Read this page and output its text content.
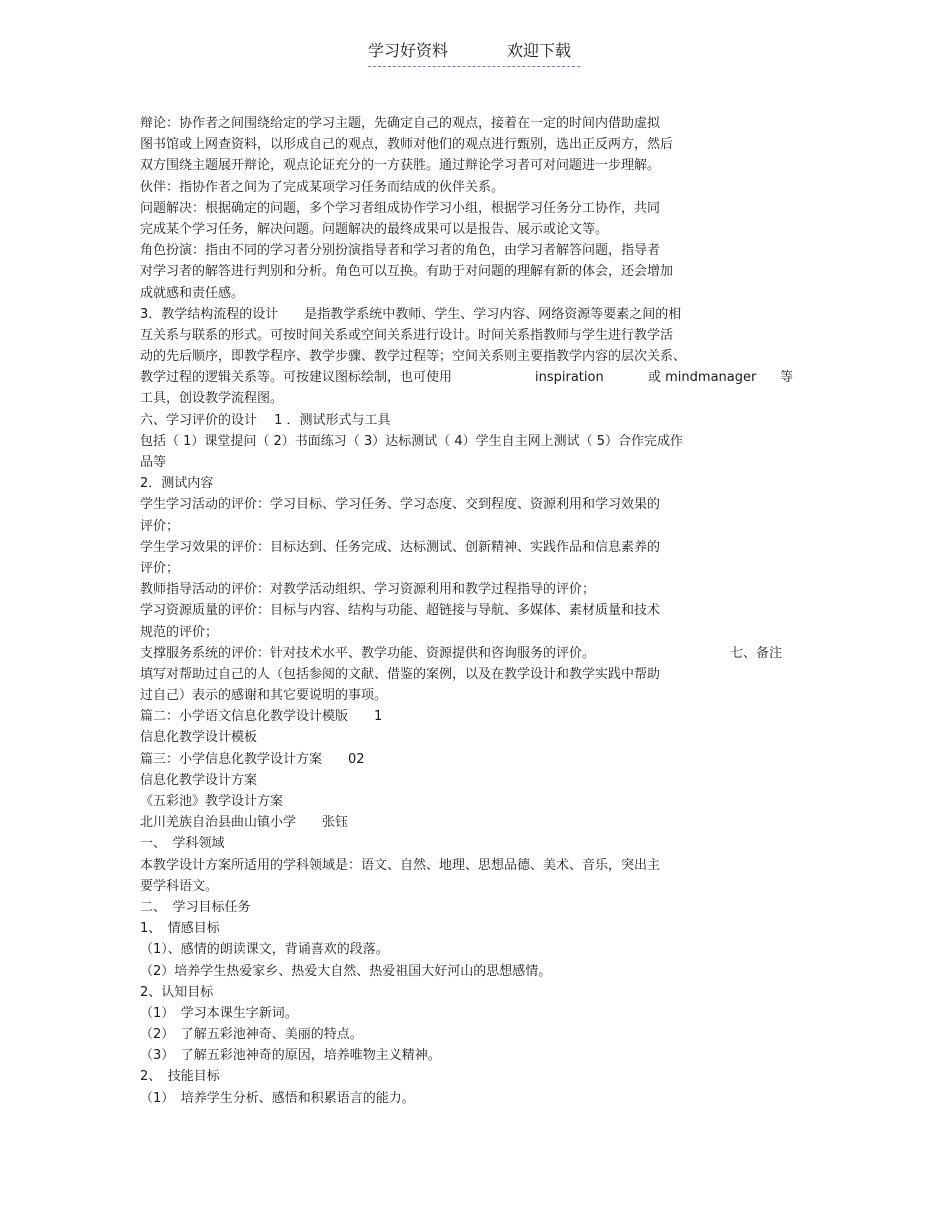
学习好资料	欢迎下载
辩论：协作者之间围绕给定的学习主题，先确定自己的观点，接着在一定的时间内借助虚拟
图书馆或上网查资料，以形成自己的观点，教师对他们的观点进行甄别，选出正反两方，然后
双方围绕主题展开辩论，观点论证充分的一方获胜。通过辩论学习者可对问题进一步理解。
伙伴：指协作者之间为了完成某项学习任务而结成的伙伴关系。
问题解决：根据确定的问题，多个学习者组成协作学习小组，根据学习任务分工协作，共同
完成某个学习任务，解决问题。问题解决的最终成果可以是报告、展示或论文等。
角色扮演：指由不同的学习者分别扮演指导者和学习者的角色，由学习者解答问题，指导者
对学习者的解答进行判别和分析。角色可以互换。有助于对问题的理解有新的体会，还会增加
成就感和责任感。
3．教学结构流程的设计　　是指教学系统中教师、学生、学习内容、网络资源等要素之间的相
互关系与联系的形式。可按时间关系或空间关系进行设计。时间关系指教师与学生进行教学活
动的先后顺序，即教学程序、教学步骤、教学过程等；空间关系则主要指教学内容的层次关系、
教学过程的逻辑关系等。可按建议图标绘制，也可使用	inspiration	或 mindmanager 等
工具，创设教学流程图。
六、学习评价的设计　 1 ．测试形式与工具
包括（ 1）课堂提问（ 2）书面练习（ 3）达标测试（ 4）学生自主网上测试（ 5）合作完成作
品等
2．测试内容
学生学习活动的评价：学习目标、学习任务、学习态度、交到程度、资源利用和学习效果的
评价；
学生学习效果的评价：目标达到、任务完成、达标测试、创新精神、实践作品和信息素养的
评价；
教师指导活动的评价：对教学活动组织、学习资源利用和教学过程指导的评价；
学习资源质量的评价：目标与内容、结构与功能、超链接与导航、多媒体、素材质量和技术
规范的评价；
支撑服务系统的评价：针对技术水平、教学功能、资源提供和咨询服务的评价。	七、备注
填写对帮助过自己的人（包括参阅的文献、借鉴的案例，以及在教学设计和教学实践中帮助
过自己）表示的感谢和其它要说明的事项。
篇二：小学语文信息化教学设计模版　　1
信息化教学设计模板
篇三：小学信息化教学设计方案　　02
信息化教学设计方案
《五彩池》教学设计方案
北川羌族自治县曲山镇小学　　张钰
一、　学科领域
本教学设计方案所适用的学科领域是：语文、自然、地理、思想品德、美术、音乐，突出主
要学科语文。
二、　学习目标任务
1、　情感目标
（1）、感情的朗读课文，背诵喜欢的段落。
（2）培养学生热爱家乡、热爱大自然、热爱祖国大好河山的思想感情。
2、认知目标
（1）　学习本课生字新词。
（2）　了解五彩池神奇、美丽的特点。
（3）　了解五彩池神奇的原因，培养唯物主义精神。
2、　技能目标
（1）　培养学生分析、感悟和积累语言的能力。
